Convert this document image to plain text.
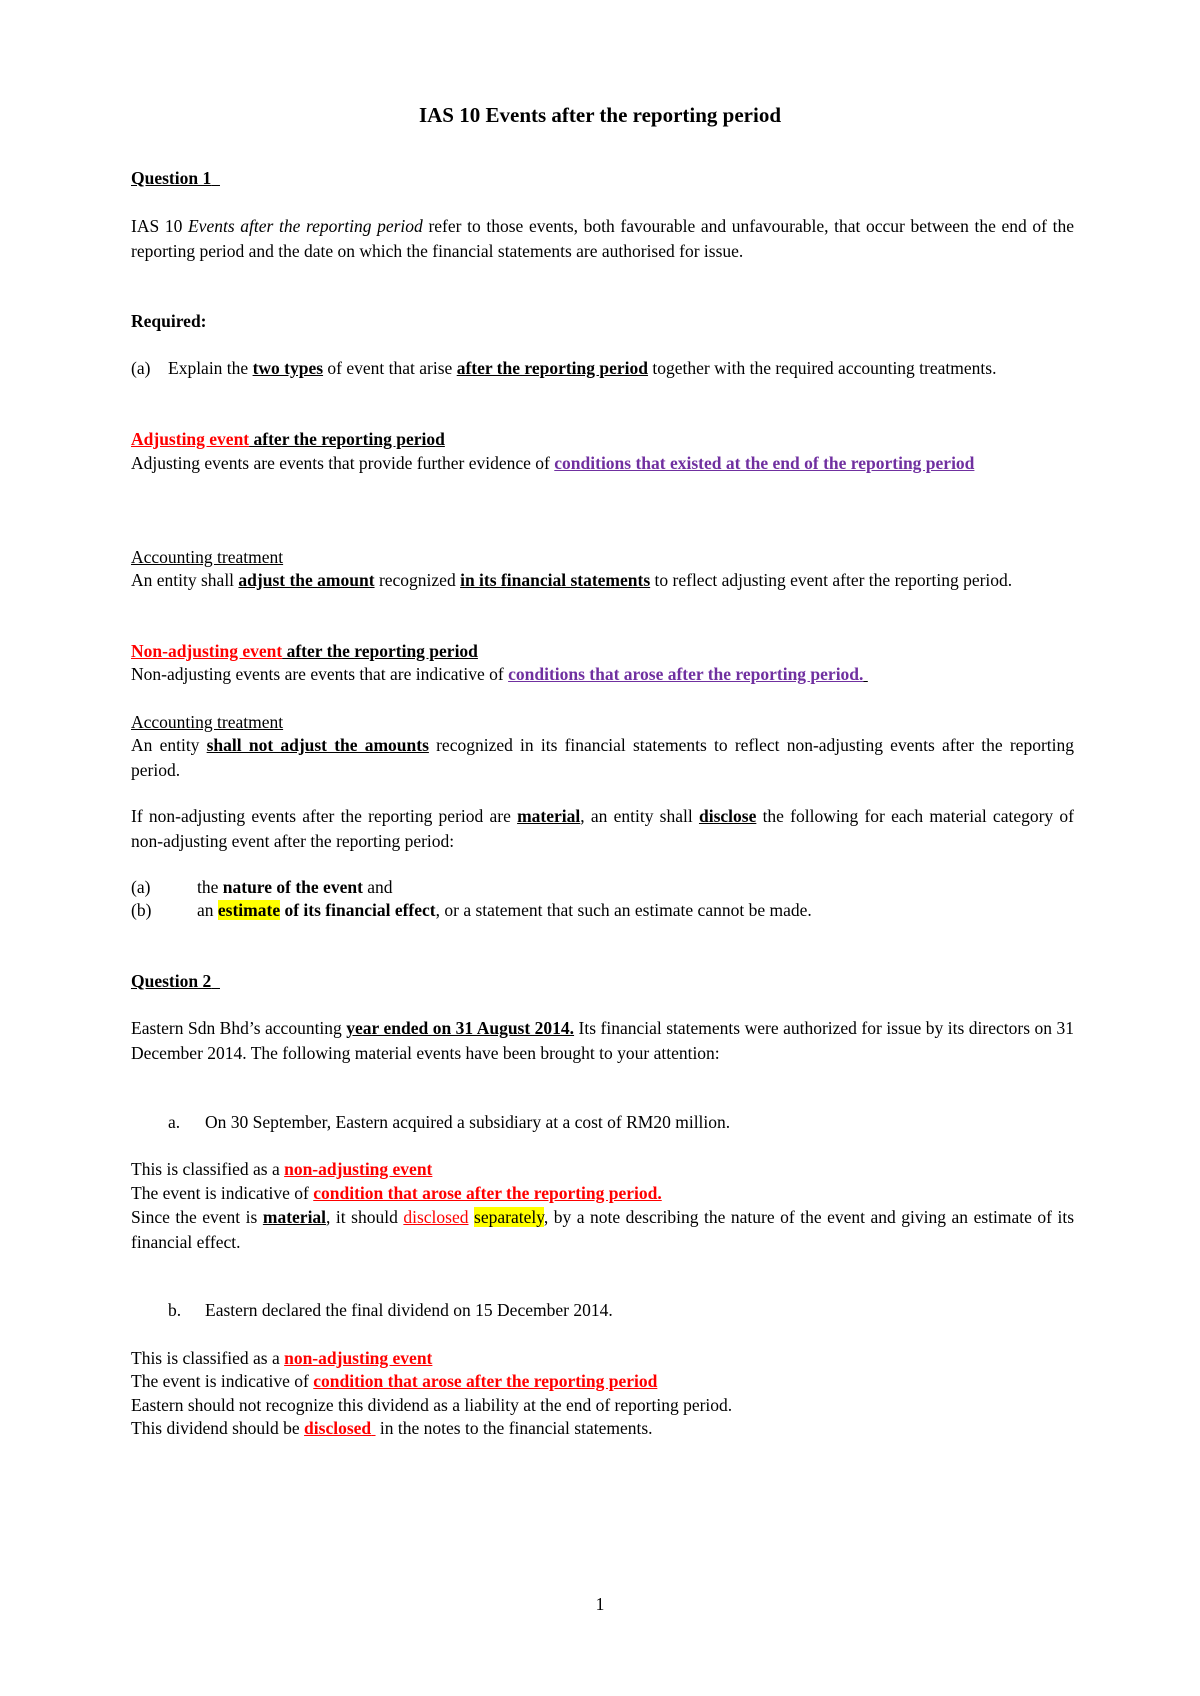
IAS 10 Events after the reporting period
Question 1
IAS 10 Events after the reporting period refer to those events, both favourable and unfavourable, that occur between the end of the reporting period and the date on which the financial statements are authorised for issue.
Required:
(a)	Explain the two types of event that arise after the reporting period together with the required accounting treatments.
Adjusting event after the reporting period
Adjusting events are events that provide further evidence of conditions that existed at the end of the reporting period
Accounting treatment
An entity shall adjust the amount recognized in its financial statements to reflect adjusting event after the reporting period.
Non-adjusting event after the reporting period
Non-adjusting events are events that are indicative of conditions that arose after the reporting period.
Accounting treatment
An entity shall not adjust the amounts recognized in its financial statements to reflect non-adjusting events after the reporting period.
If non-adjusting events after the reporting period are material, an entity shall disclose the following for each material category of non-adjusting event after the reporting period:
(a)	the nature of the event and
(b)	an estimate of its financial effect, or a statement that such an estimate cannot be made.
Question 2
Eastern Sdn Bhd’s accounting year ended on 31 August 2014. Its financial statements were authorized for issue by its directors on 31 December 2014. The following material events have been brought to your attention:
a.	On 30 September, Eastern acquired a subsidiary at a cost of RM20 million.
This is classified as a non-adjusting event
The event is indicative of condition that arose after the reporting period.
Since the event is material, it should disclosed separately, by a note describing the nature of the event and giving an estimate of its financial effect.
b.	Eastern declared the final dividend on 15 December 2014.
This is classified as a non-adjusting event
The event is indicative of condition that arose after the reporting period
Eastern should not recognize this dividend as a liability at the end of reporting period.
This dividend should be disclosed  in the notes to the financial statements.
1
